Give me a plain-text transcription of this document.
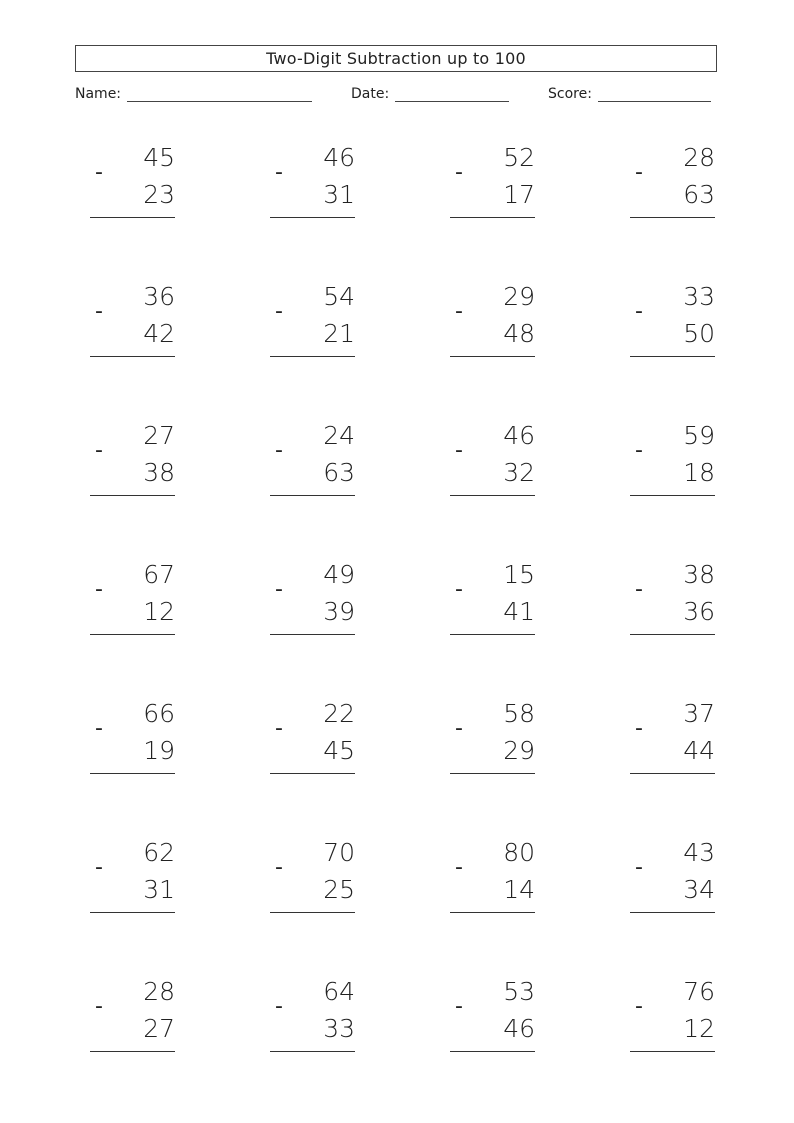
Two-Digit Subtraction up to 100
Name:	Date:	Score:
45
-
23
46
-
31
52
-
17
28
-
63
36
-
42
54
-
21
29
-
48
33
-
50
27
-
38
24
-
63
46
-
32
59
-
18
67
-
12
49
-
39
15
-
41
38
-
36
66
-
19
22
-
45
58
-
29
37
-
44
62
-
31
70
-
25
80
-
14
43
-
34
28
-
27
64
-
33
53
-
46
76
-
12
